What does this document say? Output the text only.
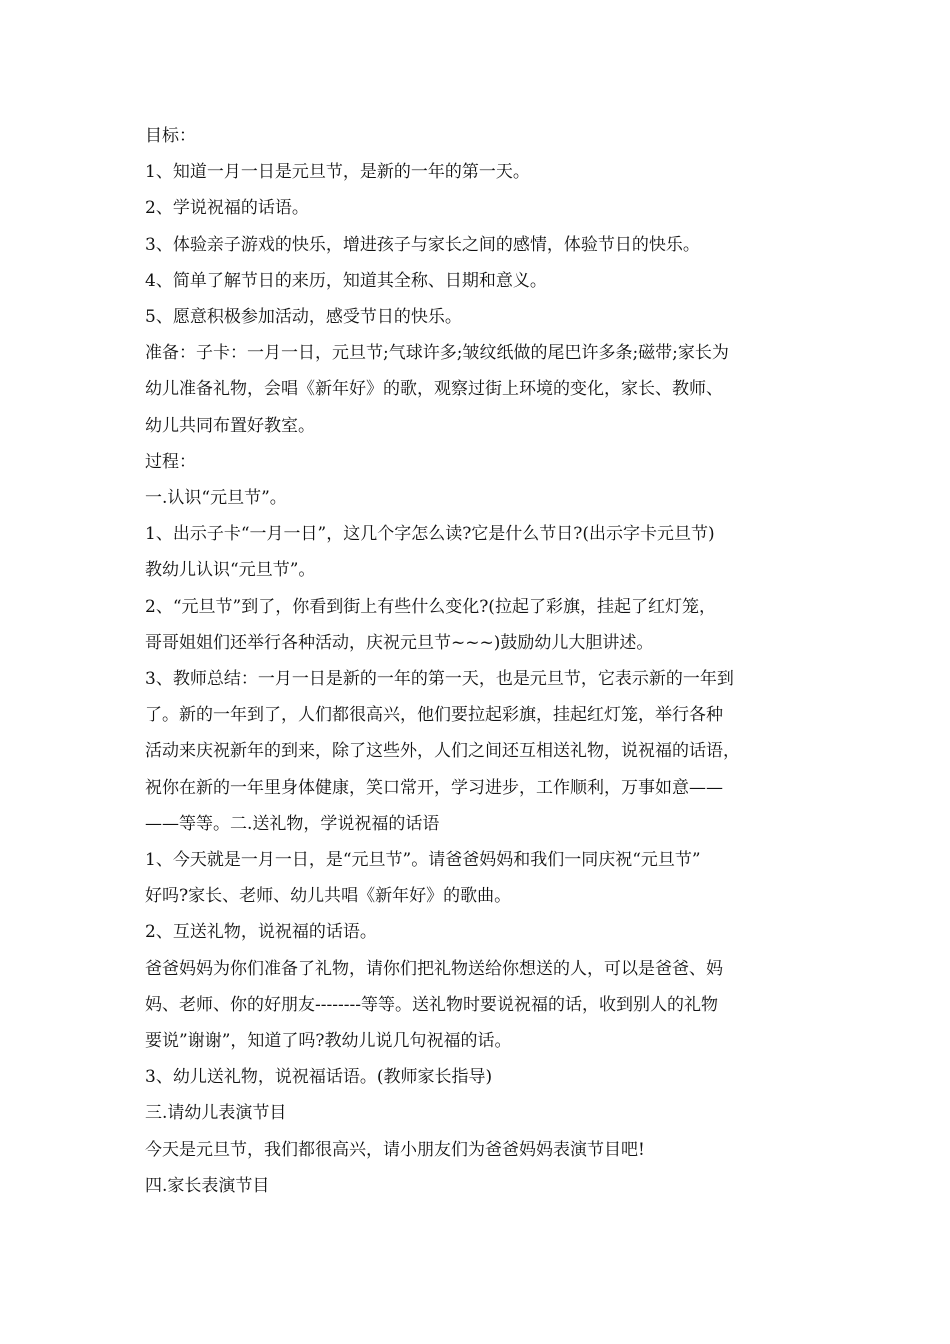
目标：
1、知道一月一日是元旦节，是新的一年的第一天。
2、学说祝福的话语。
3、体验亲子游戏的快乐，增进孩子与家长之间的感情，体验节日的快乐。
4、简单了解节日的来历，知道其全称、日期和意义。
5、愿意积极参加活动，感受节日的快乐。
准备：子卡：一月一日，元旦节;气球许多;皱纹纸做的尾巴许多条;磁带;家长为
幼儿准备礼物，会唱《新年好》的歌，观察过街上环境的变化，家长、教师、
幼儿共同布置好教室。
过程：
一.认识“元旦节”。
1、出示子卡“一月一日”，这几个字怎么读?它是什么节日?(出示字卡元旦节)
教幼儿认识“元旦节”。
2、“元旦节”到了，你看到街上有些什么变化?(拉起了彩旗，挂起了红灯笼，
哥哥姐姐们还举行各种活动，庆祝元旦节~~~)鼓励幼儿大胆讲述。
3、教师总结：一月一日是新的一年的第一天，也是元旦节，它表示新的一年到
了。新的一年到了，人们都很高兴，他们要拉起彩旗，挂起红灯笼，举行各种
活动来庆祝新年的到来，除了这些外，人们之间还互相送礼物，说祝福的话语，
祝你在新的一年里身体健康，笑口常开，学习进步，工作顺利，万事如意——
——等等。二.送礼物，学说祝福的话语
1、今天就是一月一日，是“元旦节”。请爸爸妈妈和我们一同庆祝“元旦节”
好吗?家长、老师、幼儿共唱《新年好》的歌曲。
2、互送礼物，说祝福的话语。
爸爸妈妈为你们准备了礼物，请你们把礼物送给你想送的人，可以是爸爸、妈
妈、老师、你的好朋友--------等等。送礼物时要说祝福的话，收到别人的礼物
要说”谢谢”，知道了吗?教幼儿说几句祝福的话。
3、幼儿送礼物，说祝福话语。(教师家长指导)
三.请幼儿表演节目
今天是元旦节，我们都很高兴，请小朋友们为爸爸妈妈表演节目吧!
四.家长表演节目
